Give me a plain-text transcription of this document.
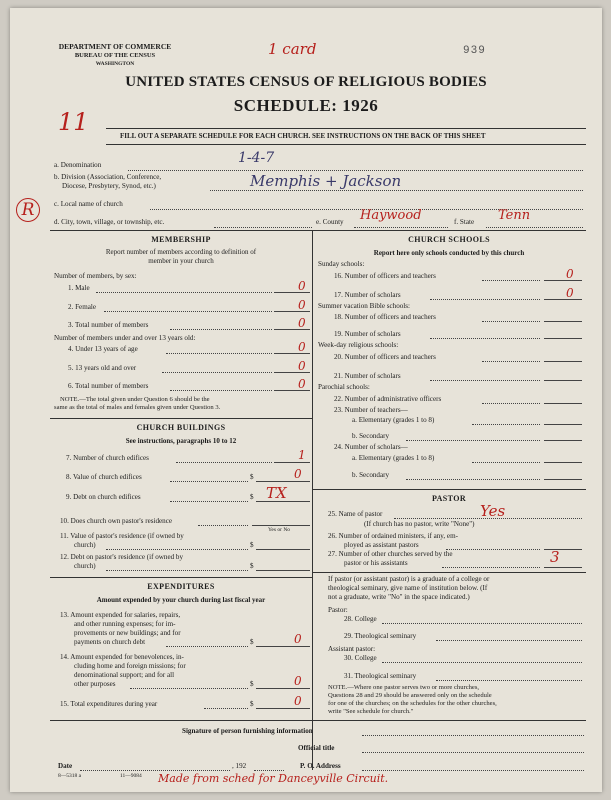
DEPARTMENT OF COMMERCE
BUREAU OF THE CENSUS
WASHINGTON
1 card	939
UNITED STATES CENSUS OF RELIGIOUS BODIES
SCHEDULE: 1926
11	FILL OUT A SEPARATE SCHEDULE FOR EACH CHURCH. SEE INSTRUCTIONS ON THE BACK OF THIS SHEET
a. Denomination	1-4-7
b. Division (Association, Conference,
Diocese, Presbytery, Synod, etc.)	Memphis + Jackson
R	c. Local name of church
d. City, town, village, or township, etc.	e. County Haywood	f. State Tenn
MEMBERSHIP
Report number of members according to definition of
member in your church
Number of members, by sex:
1. Male	0
2. Female	0
3. Total number of members	0
Number of members under and over 13 years old:
4. Under 13 years of age	0
5. 13 years old and over	0
6. Total number of members	0
NOTE.—The total given under Question 6 should be the
same as the total of males and females given under Question 3.
CHURCH BUILDINGS
See instructions, paragraphs 10 to 12
7. Number of church edifices	1
8. Value of church edifices	$	0
9. Debt on church edifices	$ TX
10. Does church own pastor's residence
Yes or No
11. Value of pastor's residence (if owned by
church)	$
12. Debt on pastor's residence (if owned by
church)	$
EXPENDITURES
Amount expended by your church during last fiscal year
13. Amount expended for salaries, repairs,
and other running expenses; for im-
provements or new buildings; and for
payments on church debt	$	0
14. Amount expended for benevolences, in-
cluding home and foreign missions; for
denominational support; and for all
other purposes	$	0
15. Total expenditures during year	$	0
CHURCH SCHOOLS
Report here only schools conducted by this church
Sunday schools:
16. Number of officers and teachers	0
17. Number of scholars	0
Summer vacation Bible schools:
18. Number of officers and teachers
19. Number of scholars
Week-day religious schools:
20. Number of officers and teachers
21. Number of scholars
Parochial schools:
22. Number of administrative officers
23. Number of teachers—
a. Elementary (grades 1 to 8)
b. Secondary
24. Number of scholars—
a. Elementary (grades 1 to 8)
b. Secondary
PASTOR
25. Name of pastor	Yes
(If church has no pastor, write "None")
26. Number of ordained ministers, if any, em-
ployed as assistant pastors
27. Number of other churches served by the
pastor or his assistants	3
If pastor (or assistant pastor) is a graduate of a college or
theological seminary, give name of institution below. (If
not a graduate, write "No" in the space indicated.)
Pastor:
28. College
29. Theological seminary
Assistant pastor:
30. College
31. Theological seminary
NOTE.—Where one pastor serves two or more churches,
Questions 28 and 29 should be answered only on the schedule
for one of the churches; on the schedules for the other churches,
write "See schedule for church."
Signature of person furnishing information
Official title
Date	, 192	P. O. Address
8—5318 a	11—9084 Made from sched for Danceyville Circuit.
